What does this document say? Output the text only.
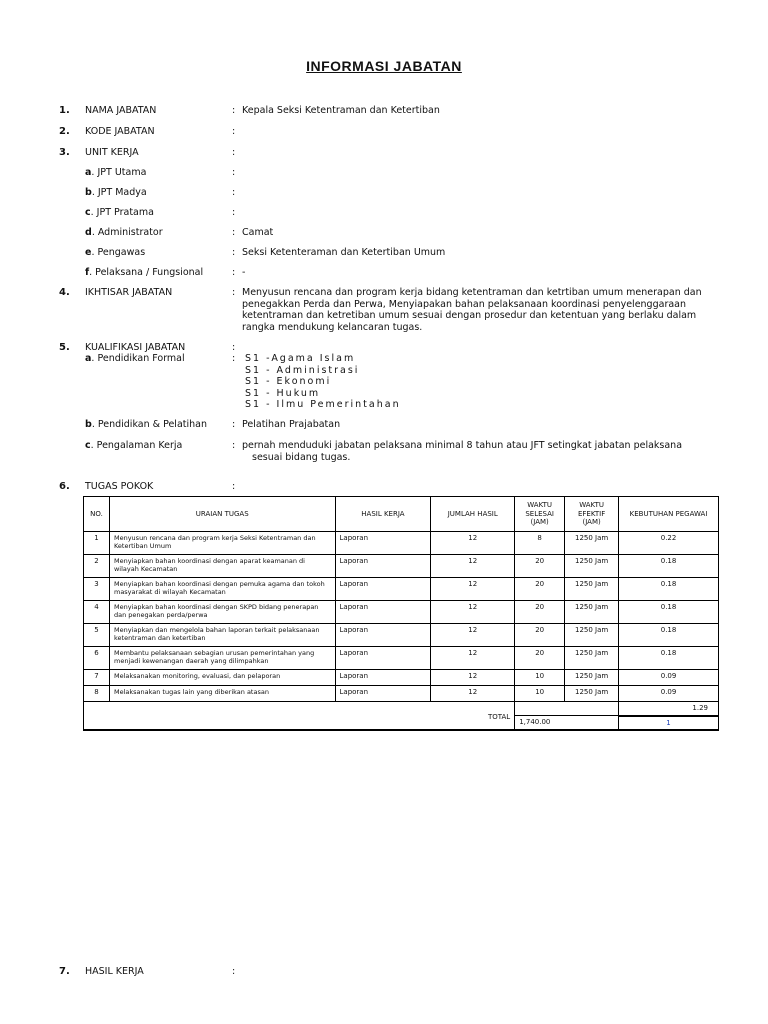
INFORMASI JABATAN
1. NAMA JABATAN	: Kepala Seksi Ketentraman dan Ketertiban
2. KODE JABATAN	:
3. UNIT KERJA	:
a. JPT Utama	:
b. JPT Madya	:
c. JPT Pratama	:
d. Administrator	: Camat
e. Pengawas	: Seksi Ketenteraman dan Ketertiban Umum
f. Pelaksana / Fungsional	: -
4. IKHTISAR JABATAN	: Menyusun rencana dan program kerja bidang ketentraman dan ketrtiban umum menerapan dan penegakkan Perda dan Perwa, Menyiapakan bahan pelaksanaan koordinasi penyelenggaraan ketentraman dan ketretiban umum sesuai dengan prosedur dan ketentuan yang berlaku dalam rangka mendukung kelancaran tugas.
5. KUALIFIKASI JABATAN	:
a. Pendidikan Formal	: S1 -Agama Islam
S1 - Administrasi
S1 - Ekonomi
S1 - Hukum
S1 - Ilmu Pemerintahan
b. Pendidikan & Pelatihan	: Pelatihan Prajabatan
c. Pengalaman Kerja	: pernah menduduki jabatan pelaksana minimal 8 tahun atau JFT setingkat jabatan pelaksana
sesuai bidang tugas.
6. TUGAS POKOK	:
NO.	URAIAN TUGAS	HASIL KERJA	JUMLAH HASIL	WAKTU SELESAI (JAM)	WAKTU EFEKTIF (JAM)	KEBUTUHAN PEGAWAI
1	Menyusun rencana dan program kerja Seksi Ketentraman dan Ketertiban Umum	Laporan	12	8	1250 Jam	0.22
2	Menyiapkan bahan koordinasi dengan aparat keamanan di wilayah Kecamatan	Laporan	12	20	1250 Jam	0.18
3	Menyiapkan bahan koordinasi dengan pemuka agama dan tokoh masyarakat di wilayah Kecamatan	Laporan	12	20	1250 Jam	0.18
4	Menyiapkan bahan koordinasi dengan SKPD bidang penerapan dan penegakan perda/perwa	Laporan	12	20	1250 Jam	0.18
5	Menyiapkan dan mengelola bahan laporan terkait pelaksanaan ketentraman dan ketertiban	Laporan	12	20	1250 Jam	0.18
6	Membantu pelaksanaan sebagian urusan pemerintahan yang menjadi kewenangan daerah yang dilimpahkan	Laporan	12	20	1250 Jam	0.18
7	Melaksanakan monitoring, evaluasi, dan pelaporan	Laporan	12	10	1250 Jam	0.09
8	Melaksanakan tugas lain yang diberikan atasan	Laporan	12	10	1250 Jam	0.09
TOTAL						1.29
				1,740.00		
						1
7. HASIL KERJA	:
